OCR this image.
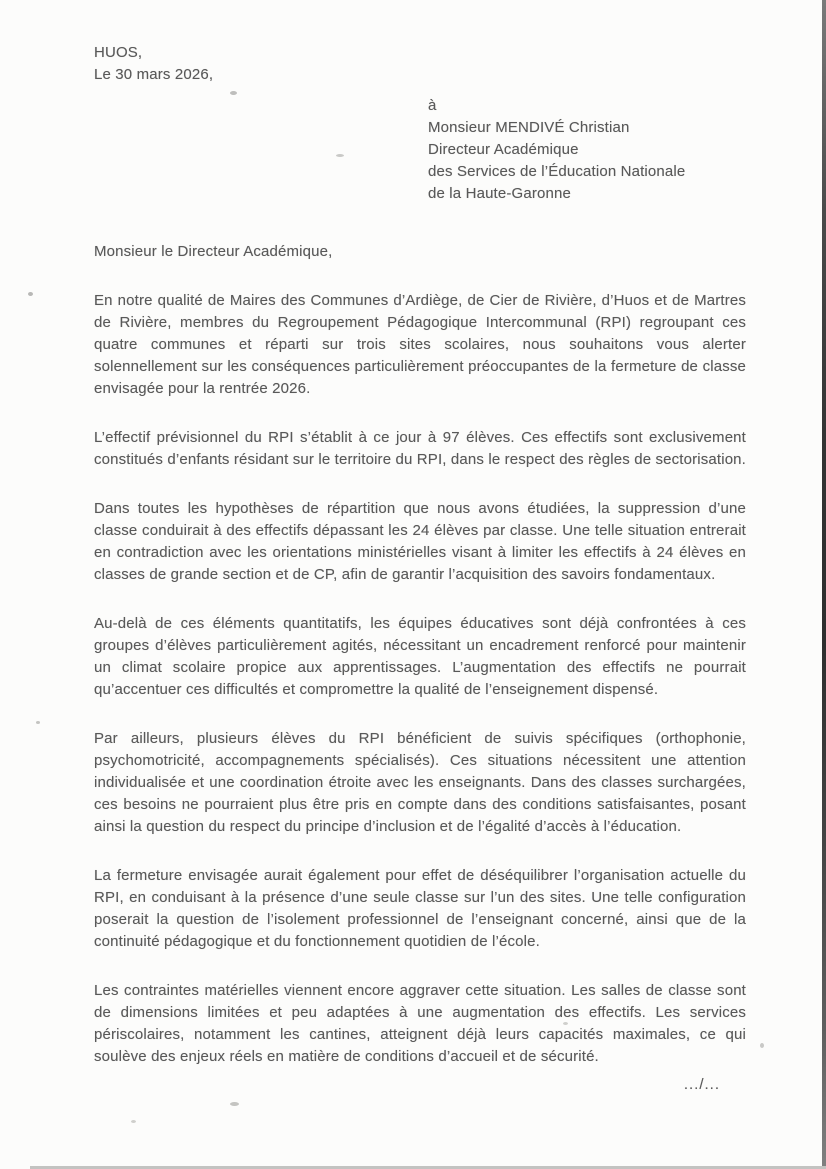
HUOS,
Le 30 mars 2026,
à
Monsieur MENDIVÉ Christian
Directeur Académique
des Services de l’Éducation Nationale
de la Haute-Garonne
Monsieur le Directeur Académique,

En notre qualité de Maires des Communes d’Ardiège, de Cier de Rivière, d’Huos et de Martres de Rivière, membres du Regroupement Pédagogique Intercommunal (RPI) regroupant ces quatre communes et réparti sur trois sites scolaires, nous souhaitons vous alerter solennellement sur les conséquences particulièrement préoccupantes de la fermeture de classe envisagée pour la rentrée 2026.

L’effectif prévisionnel du RPI s’établit à ce jour à 97 élèves. Ces effectifs sont exclusivement constitués d’enfants résidant sur le territoire du RPI, dans le respect des règles de sectorisation.

Dans toutes les hypothèses de répartition que nous avons étudiées, la suppression d’une classe conduirait à des effectifs dépassant les 24 élèves par classe. Une telle situation entrerait en contradiction avec les orientations ministérielles visant à limiter les effectifs à 24 élèves en classes de grande section et de CP, afin de garantir l’acquisition des savoirs fondamentaux.

Au-delà de ces éléments quantitatifs, les équipes éducatives sont déjà confrontées à ces groupes d’élèves particulièrement agités, nécessitant un encadrement renforcé pour maintenir un climat scolaire propice aux apprentissages. L’augmentation des effectifs ne pourrait qu’accentuer ces difficultés et compromettre la qualité de l’enseignement dispensé.

Par ailleurs, plusieurs élèves du RPI bénéficient de suivis spécifiques (orthophonie, psychomotricité, accompagnements spécialisés). Ces situations nécessitent une attention individualisée et une coordination étroite avec les enseignants. Dans des classes surchargées, ces besoins ne pourraient plus être pris en compte dans des conditions satisfaisantes, posant ainsi la question du respect du principe d’inclusion et de l’égalité d’accès à l’éducation.

La fermeture envisagée aurait également pour effet de déséquilibrer l’organisation actuelle du RPI, en conduisant à la présence d’une seule classe sur l’un des sites. Une telle configuration poserait la question de l’isolement professionnel de l’enseignant concerné, ainsi que de la continuité pédagogique et du fonctionnement quotidien de l’école.

Les contraintes matérielles viennent encore aggraver cette situation. Les salles de classe sont de dimensions limitées et peu adaptées à une augmentation des effectifs. Les services périscolaires, notamment les cantines, atteignent déjà leurs capacités maximales, ce qui soulève des enjeux réels en matière de conditions d’accueil et de sécurité.

.../...
